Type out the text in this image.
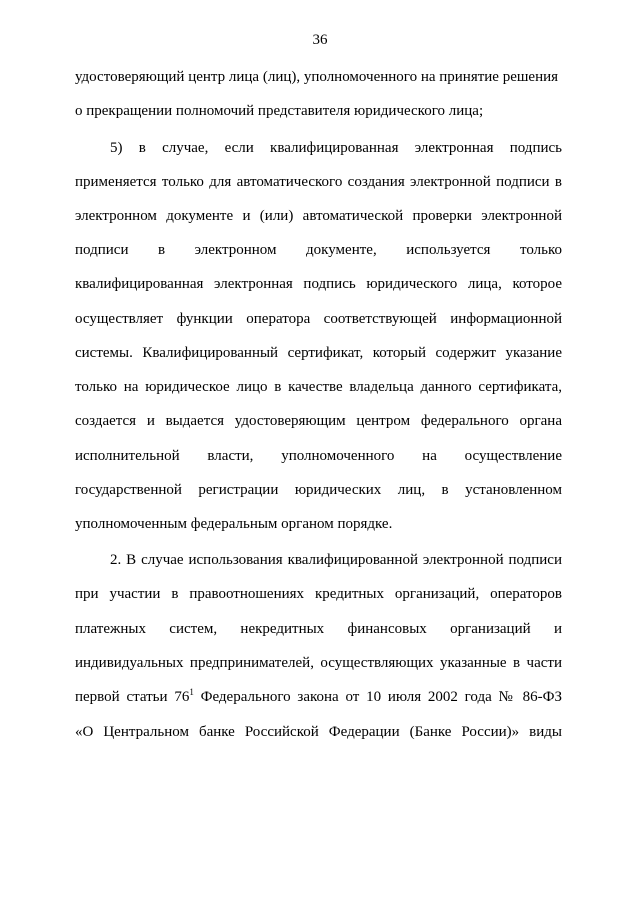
36
удостоверяющий центр лица (лиц), уполномоченного на принятие решения
о прекращении полномочий представителя юридического лица;
5) в случае, если квалифицированная электронная подпись
применяется только для автоматического создания электронной подписи в
электронном документе и (или) автоматической проверки электронной
подписи в электронном документе, используется только
квалифицированная электронная подпись юридического лица, которое
осуществляет функции оператора соответствующей информационной
системы. Квалифицированный сертификат, который содержит указание
только на юридическое лицо в качестве владельца данного сертификата,
создается и выдается удостоверяющим центром федерального органа
исполнительной власти, уполномоченного на осуществление
государственной регистрации юридических лиц, в установленном
уполномоченным федеральным органом порядке.
2. В случае использования квалифицированной электронной подписи
при участии в правоотношениях кредитных организаций, операторов
платежных систем, некредитных финансовых организаций и
индивидуальных предпринимателей, осуществляющих указанные в части
первой статьи $76^1$ Федерального закона от 10 июля 2002 года № 86-ФЗ
«О Центральном банке Российской Федерации (Банке России)» виды
